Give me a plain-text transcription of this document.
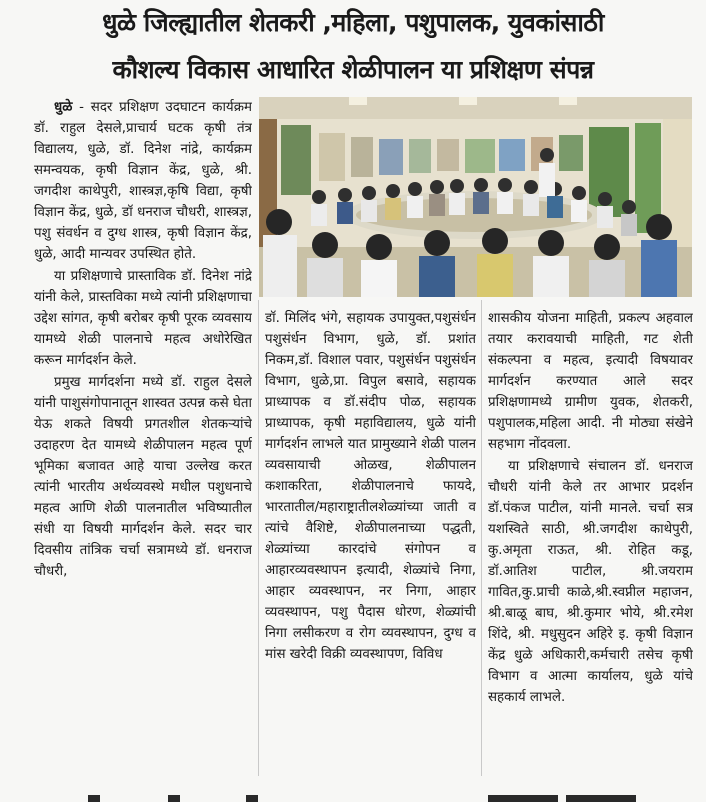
धुळे जिल्ह्यातील शेतकरी ,महिला, पशुपालक, युवकांसाठी
कौशल्य विकास आधारित शेळीपालन या प्रशिक्षण संपन्न

धुळे - सदर प्रशिक्षण उदघाटन कार्यक्रम डॉ. राहुल देसले,प्राचार्य घटक कृषी तंत्र विद्यालय, धुळे, डॉ. दिनेश नांद्रे, कार्यक्रम समन्वयक, कृषी विज्ञान केंद्र, धुळे, श्री. जगदीश काथेपुरी, शास्त्रज्ञ,कृषि विद्या, कृषी विज्ञान केंद्र, धुळे, डॉ धनराज चौधरी, शास्त्रज्ञ, पशु संवर्धन व दुग्ध शास्त्र, कृषी विज्ञान केंद्र, धुळे, आदी मान्यवर उपस्थित होते.

या प्रशिक्षणाचे प्रास्ताविक डॉ. दिनेश नांद्रे यांनी केले, प्रास्तविका मध्ये त्यांनी प्रशिक्षणाचा उद्देश सांगत, कृषी बरोबर कृषी पूरक व्यवसाय यामध्ये शेळी पालनाचे महत्व अधोरेखित करून मार्गदर्शन केले.

प्रमुख मार्गदर्शना मध्ये डॉ. राहुल देसले यांनी पाशुसंगोपानातून शास्वत उत्पन्न कसे घेता येऊ शकते विषयी प्रगतशील शेतकऱ्यांचे उदाहरण देत यामध्ये शेळीपालन महत्व पूर्ण भूमिका बजावत आहे याचा उल्लेख करत त्यांनी भारतीय अर्थव्यवस्थे मधील पशुधनाचे महत्व आणि शेळी पालनातील भविष्यातील संधी या विषयी मार्गदर्शन केले. सदर चार दिवसीय तांत्रिक चर्चा सत्रामध्ये डॉ. धनराज चौधरी,

डॉ. मिलिंद भंगे, सहायक उपायुक्त,पशुसंर्धन पशुसंर्धन विभाग, धुळे, डॉ. प्रशांत निकम,डॉ. विशाल पवार, पशुसंर्धन पशुसंर्धन विभाग, धुळे,प्रा. विपुल बसावे, सहायक प्राध्यापक व डॉ.संदीप पोळ, सहायक प्राध्यापक, कृषी महाविद्यालय, धुळे यांनी मार्गदर्शन लाभले यात प्रामुख्याने शेळी पालन व्यवसायाची ओळख, शेळीपालन कशाकरिता, शेळीपालनाचे फायदे, भारतातील/महाराष्ट्रातीलशेळ्यांच्या जाती व त्यांचे वैशिष्टे, शेळीपालनाच्या पद्धती, शेळ्यांच्या कारदांचे संगोपन व आहारव्यवस्थापन इत्यादी, शेळ्यांचे निगा, आहार व्यवस्थापन, नर निगा, आहार व्यवस्थापन, पशु पैदास धोरण, शेळ्यांची निगा लसीकरण व रोग व्यवस्थापन, दुग्ध व मांस खरेदी विक्री व्यवस्थापण, विविध

शासकीय योजना माहिती, प्रकल्प अहवाल तयार करावयाची माहिती, गट शेती संकल्पना व महत्व, इत्यादी विषयावर मार्गदर्शन करण्यात आले सदर प्रशिक्षणामध्ये ग्रामीण युवक, शेतकरी, पशुपालक,महिला आदी. नी मोठ्या संखेने सहभाग नोंदवला.

या प्रशिक्षणाचे संचालन डॉ. धनराज चौधरी यांनी केले तर आभार प्रदर्शन डॉ.पंकज पाटील, यांनी मानले. चर्चा सत्र यशस्विते साठी, श्री.जगदीश काथेपुरी, कु.अमृता राऊत, श्री. रोहित कडू, डॉ.आतिश पाटील, श्री.जयराम गावित,कु.प्राची काळे,श्री.स्वप्नील महाजन, श्री.बाळू बाघ, श्री.कुमार भोये, श्री.रमेश शिंदे, श्री. मधुसुदन अहिरे इ. कृषी विज्ञान केंद्र धुळे अधिकारी,कर्मचारी तसेच कृषी विभाग व आत्मा कार्यालय, धुळे यांचे सहकार्य लाभले.
